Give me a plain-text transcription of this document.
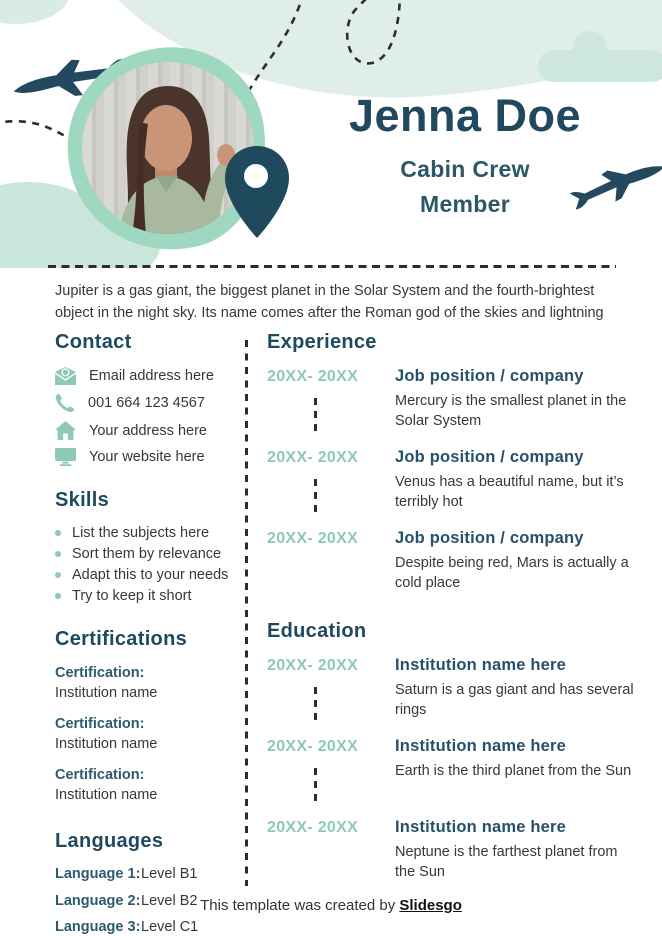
Jenna Doe
Cabin Crew
Member
Jupiter is a gas giant, the biggest planet in the Solar System and the fourth-brightest
object in the night sky. Its name comes after the Roman god of the skies and lightning
Contact
Email address here
001 664 123 4567
Your address here
Your website here
Skills
List the subjects here
Sort them by relevance
Adapt this to your needs
Try to keep it short
Certifications
Certification:
Institution name
Certification:
Institution name
Certification:
Institution name
Languages
Language 1: Level B1
Language 2: Level B2
Language 3: Level C1
Experience
20XX- 20XX	Job position / company
Mercury is the smallest planet in the Solar System
20XX- 20XX	Job position / company
Venus has a beautiful name, but it’s terribly hot
20XX- 20XX	Job position / company
Despite being red, Mars is actually a cold place
Education
20XX- 20XX	Institution name here
Saturn is a gas giant and has several rings
20XX- 20XX	Institution name here
Earth is the third planet from the Sun
20XX- 20XX	Institution name here
Neptune is the farthest planet from the Sun
This template was created by Slidesgo
